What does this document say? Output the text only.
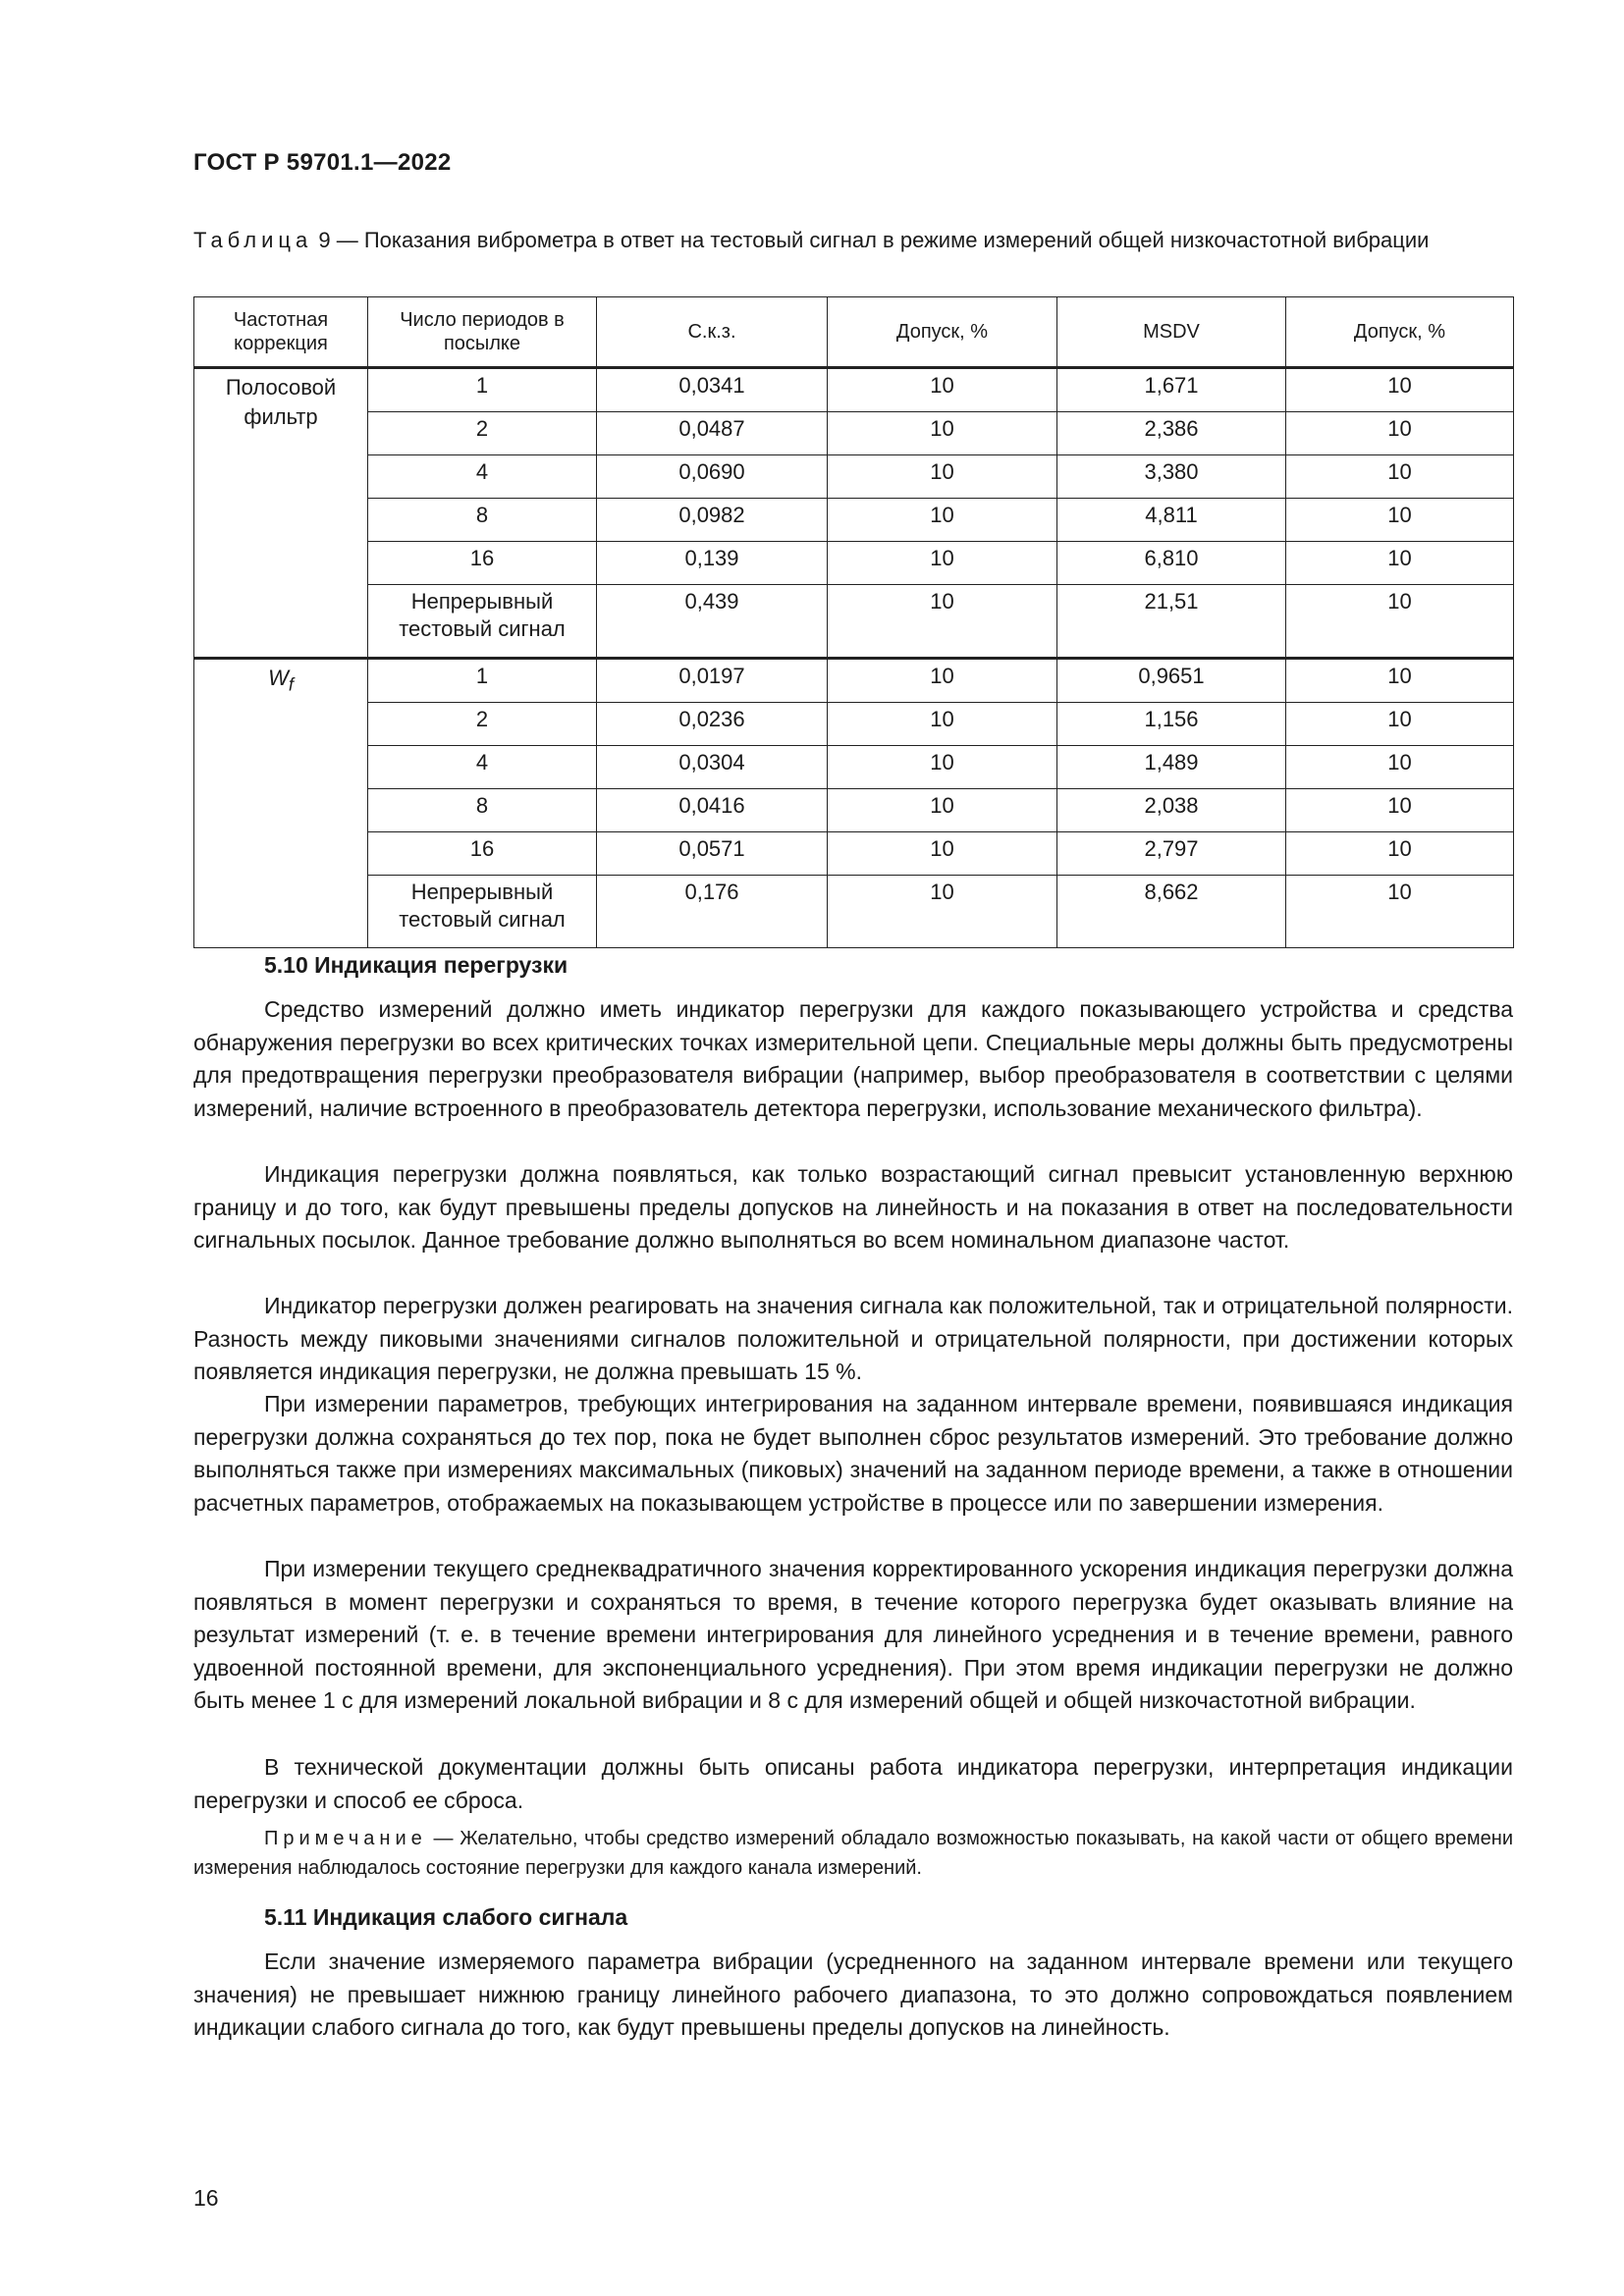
ГОСТ Р 59701.1—2022
Таблица 9 — Показания виброметра в ответ на тестовый сигнал в режиме измерений общей низкочастотной вибрации
Частотная коррекция	Число периодов в посылке	С.к.з.	Допуск, %	MSDV	Допуск, %
Полосовой фильтр	1	0,0341	10	1,671	10
	2	0,0487	10	2,386	10
	4	0,0690	10	3,380	10
	8	0,0982	10	4,811	10
	16	0,139	10	6,810	10
	Непрерывный тестовый сигнал	0,439	10	21,51	10
$W_f$	1	0,0197	10	0,9651	10
	2	0,0236	10	1,156	10
	4	0,0304	10	1,489	10
	8	0,0416	10	2,038	10
	16	0,0571	10	2,797	10
	Непрерывный тестовый сигнал	0,176	10	8,662	10
5.10 Индикация перегрузки

Средство измерений должно иметь индикатор перегрузки для каждого показывающего устройства и средства обнаружения перегрузки во всех критических точках измерительной цепи. Специальные меры должны быть предусмотрены для предотвращения перегрузки преобразователя вибрации (например, выбор преобразователя в соответствии с целями измерений, наличие встроенного в преобразователь детектора перегрузки, использование механического фильтра).

Индикация перегрузки должна появляться, как только возрастающий сигнал превысит установленную верхнюю границу и до того, как будут превышены пределы допусков на линейность и на показания в ответ на последовательности сигнальных посылок. Данное требование должно выполняться во всем номинальном диапазоне частот.

Индикатор перегрузки должен реагировать на значения сигнала как положительной, так и отрицательной полярности. Разность между пиковыми значениями сигналов положительной и отрицательной полярности, при достижении которых появляется индикация перегрузки, не должна превышать 15 %.

При измерении параметров, требующих интегрирования на заданном интервале времени, появившаяся индикация перегрузки должна сохраняться до тех пор, пока не будет выполнен сброс результатов измерений. Это требование должно выполняться также при измерениях максимальных (пиковых) значений на заданном периоде времени, а также в отношении расчетных параметров, отображаемых на показывающем устройстве в процессе или по завершении измерения.

При измерении текущего среднеквадратичного значения корректированного ускорения индикация перегрузки должна появляться в момент перегрузки и сохраняться то время, в течение которого перегрузка будет оказывать влияние на результат измерений (т. е. в течение времени интегрирования для линейного усреднения и в течение времени, равного удвоенной постоянной времени, для экспоненциального усреднения). При этом время индикации перегрузки не должно быть менее 1 с для измерений локальной вибрации и 8 с для измерений общей и общей низкочастотной вибрации.

В технической документации должны быть описаны работа индикатора перегрузки, интерпретация индикации перегрузки и способ ее сброса.

Примечание — Желательно, чтобы средство измерений обладало возможностью показывать, на какой части от общего времени измерения наблюдалось состояние перегрузки для каждого канала измерений.

5.11 Индикация слабого сигнала

Если значение измеряемого параметра вибрации (усредненного на заданном интервале времени или текущего значения) не превышает нижнюю границу линейного рабочего диапазона, то это должно сопровождаться появлением индикации слабого сигнала до того, как будут превышены пределы допусков на линейность.

16
